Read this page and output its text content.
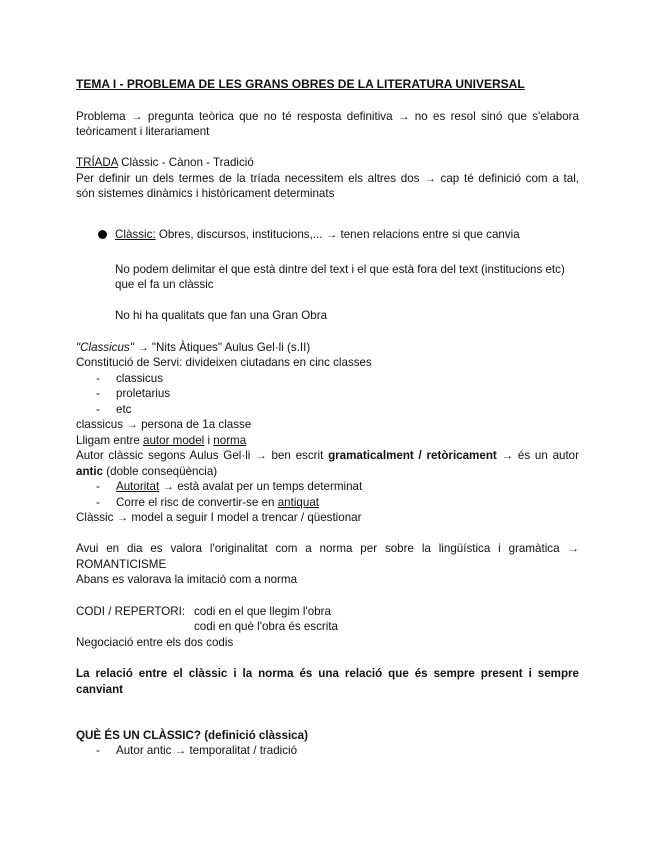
TEMA I - PROBLEMA DE LES GRANS OBRES DE LA LITERATURA UNIVERSAL
Problema → pregunta teòrica que no té resposta definitiva → no es resol sinó que s'elabora
teòricament i literariament
TRÍADA Clàssic - Cànon - Tradició
Per definir un dels termes de la tríada necessitem els altres dos → cap té definició com a tal,
són sistemes dinàmics i històricament determinats
Clàssic: Obres, discursos, institucions,... → tenen relacions entre si que canvia
No podem delimitar el que està dintre del text i el que està fora del text (institucions etc)
que el fa un clàssic
No hi ha qualitats que fan una Gran Obra
"Classicus" → "Nits Àtiques" Aulus Gel·li (s.II)
Constitució de Servi: divideixen ciutadans en cinc classes
- classicus
- proletarius
- etc
classicus → persona de 1a classe
Lligam entre autor model i norma
Autor clàssic segons Aulus Gel·li → ben escrit gramaticalment / retòricament → és un autor
antic (doble conseqüència)
- Autoritat → està avalat per un temps determinat
- Corre el risc de convertir-se en antiquat
Clàssic → model a seguir I model a trencar / qüestionar
Avui en dia es valora l'originalitat com a norma per sobre la lingüística i gramàtica →
ROMANTICISME
Abans es valorava la imitació com a norma
CODI / REPERTORI: codi en el que llegim l'obra
codi en què l'obra és escrita
Negociació entre els dos codis
La relació entre el clàssic i la norma és una relació que és sempre present i sempre
canviant
QUÈ ÉS UN CLÀSSIC? (definició clàssica)
- Autor antic → temporalitat / tradició
